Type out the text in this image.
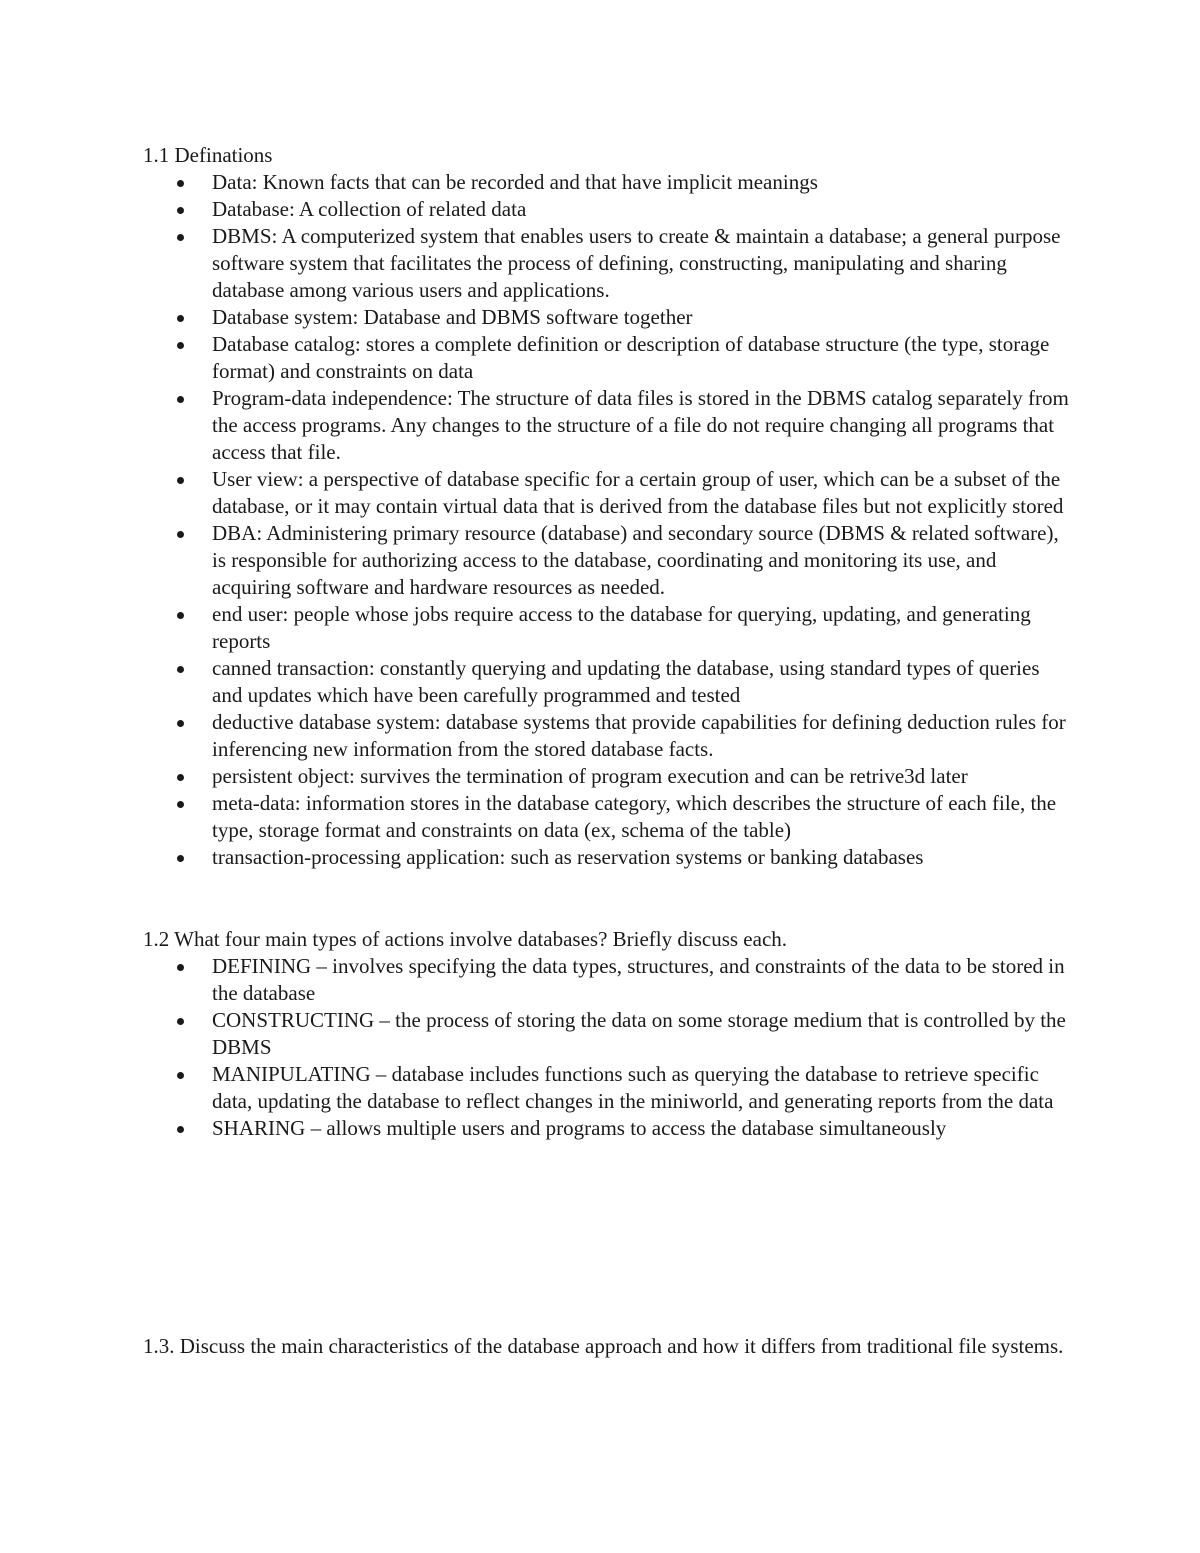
1.1 Definations

Data: Known facts that can be recorded and that have implicit meanings
Database: A collection of related data
DBMS: A computerized system that enables users to create & maintain a database; a general purpose software system that facilitates the process of defining, constructing, manipulating and sharing database among various users and applications.
Database system: Database and DBMS software together
Database catalog: stores a complete definition or description of database structure (the type, storage format) and constraints on data
Program-data independence: The structure of data files is stored in the DBMS catalog separately from the access programs. Any changes to the structure of a file do not require changing all programs that access that file.
User view: a perspective of database specific for a certain group of user, which can be a subset of the database, or it may contain virtual data that is derived from the database files but not explicitly stored
DBA: Administering primary resource (database) and secondary source (DBMS & related software), is responsible for authorizing access to the database, coordinating and monitoring its use, and acquiring software and hardware resources as needed.
end user: people whose jobs require access to the database for querying, updating, and generating reports
canned transaction: constantly querying and updating the database, using standard types of queries and updates which have been carefully programmed and tested
deductive database system: database systems that provide capabilities for defining deduction rules for inferencing new information from the stored database facts.
persistent object: survives the termination of program execution and can be retrive3d later
meta-data: information stores in the database category, which describes the structure of each file, the type, storage format and constraints on data (ex, schema of the table)
transaction-processing application: such as reservation systems or banking databases

1.2 What four main types of actions involve databases? Briefly discuss each.

DEFINING – involves specifying the data types, structures, and constraints of the data to be stored in the database
CONSTRUCTING – the process of storing the data on some storage medium that is controlled by the DBMS
MANIPULATING – database includes functions such as querying the database to retrieve specific data, updating the database to reflect changes in the miniworld, and generating reports from the data
SHARING – allows multiple users and programs to access the database simultaneously

1.3. Discuss the main characteristics of the database approach and how it differs from traditional file systems.
